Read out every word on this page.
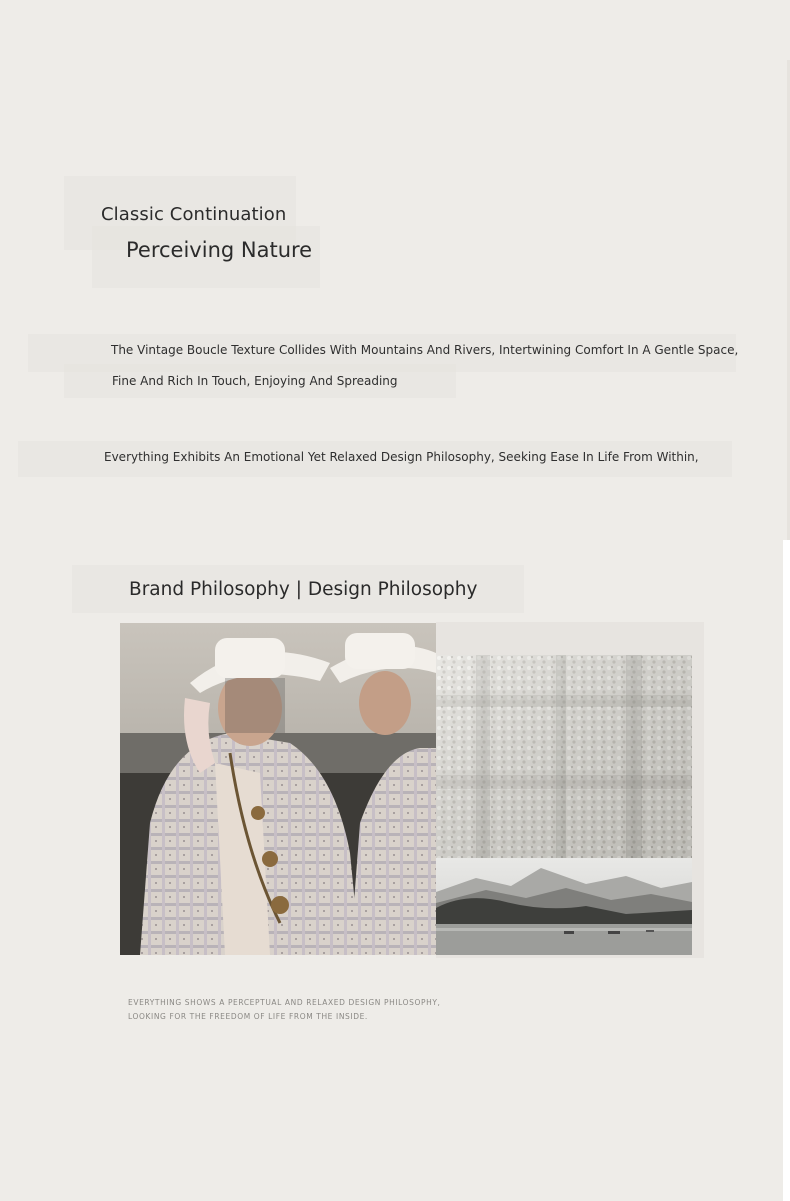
Classic Continuation

Perceiving Nature

The Vintage Boucle Texture Collides With Mountains And Rivers, Intertwining Comfort In A Gentle Space,

Fine And Rich In Touch, Enjoying And Spreading

Everything Exhibits An Emotional Yet Relaxed Design Philosophy, Seeking Ease In Life From Within,

Brand Philosophy | Design Philosophy

EVERYTHING SHOWS A PERCEPTUAL AND RELAXED DESIGN PHILOSOPHY,

LOOKING FOR THE FREEDOM OF LIFE FROM THE INSIDE.
